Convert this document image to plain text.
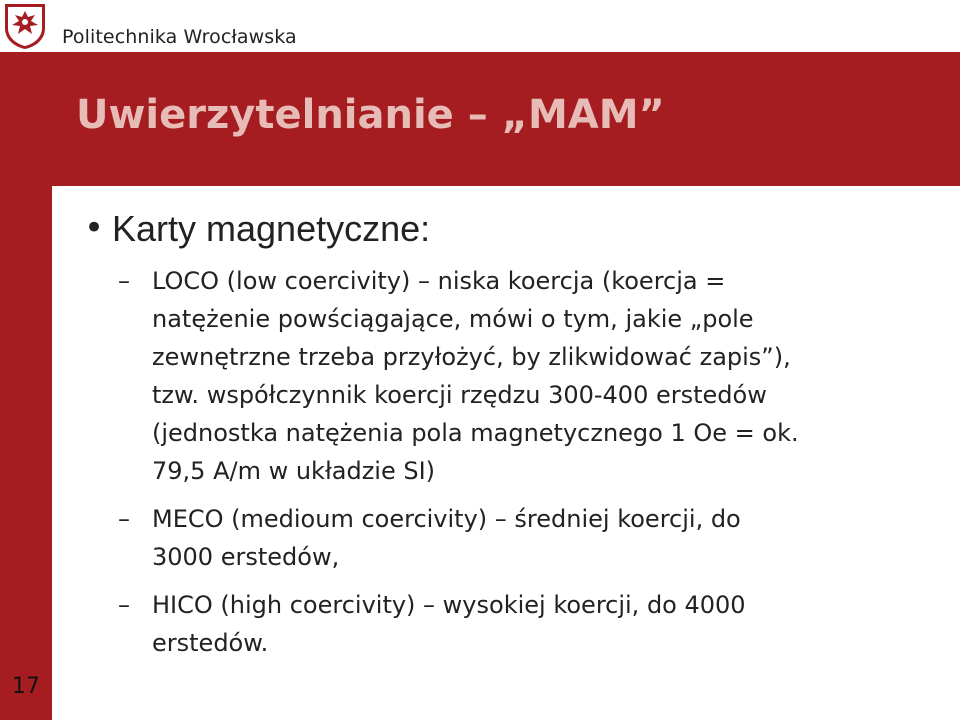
Politechnika Wrocławska
Uwierzytelnianie – „MAM”
17
• Karty magnetyczne:
– LOCO (low coercivity) – niska koercja (koercja =
natężenie powściągające, mówi o tym, jakie „pole
zewnętrzne trzeba przyłożyć, by zlikwidować zapis”),
tzw. współczynnik koercji rzędzu 300-400 erstedów
(jednostka natężenia pola magnetycznego 1 Oe = ok.
79,5 A/m w układzie SI)
– MECO (mediοum coercivity) – średniej koercji, do
3000 erstedów,
– HICO (high coercivity) – wysokiej koercji, do 4000
erstedów.
